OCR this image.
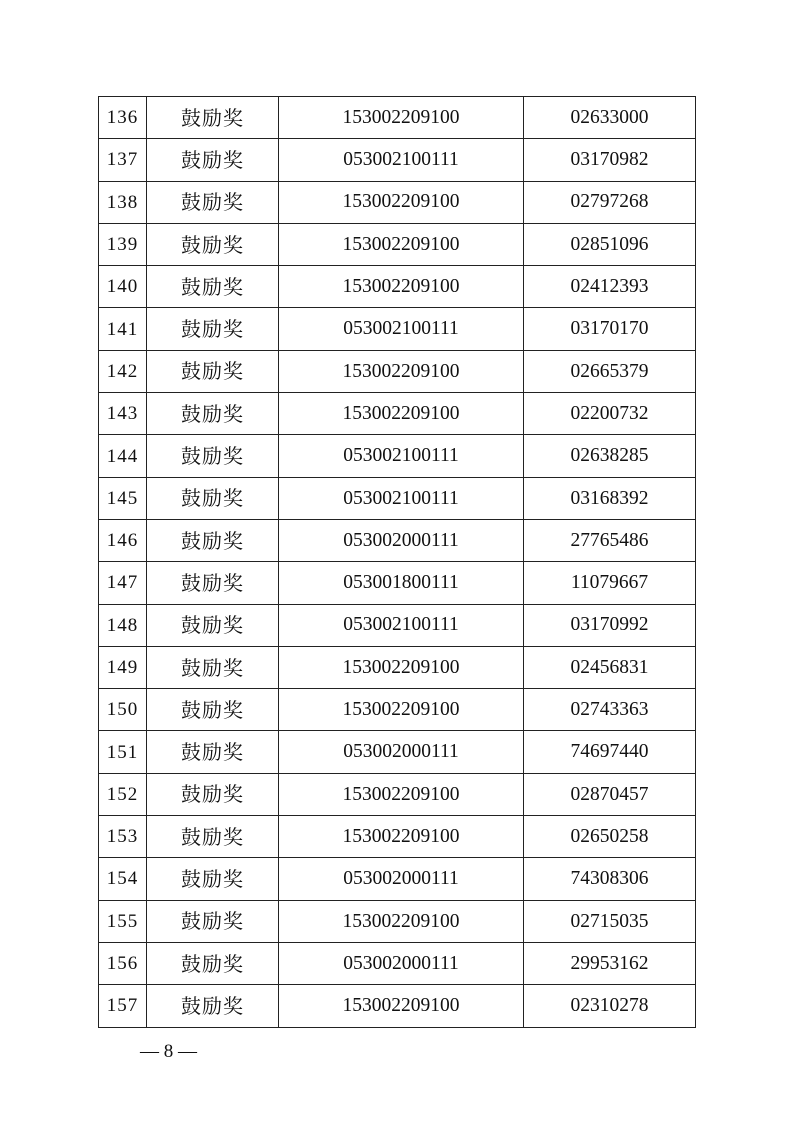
136	鼓励奖	153002209100	02633000
137	鼓励奖	053002100111	03170982
138	鼓励奖	153002209100	02797268
139	鼓励奖	153002209100	02851096
140	鼓励奖	153002209100	02412393
141	鼓励奖	053002100111	03170170
142	鼓励奖	153002209100	02665379
143	鼓励奖	153002209100	02200732
144	鼓励奖	053002100111	02638285
145	鼓励奖	053002100111	03168392
146	鼓励奖	053002000111	27765486
147	鼓励奖	053001800111	11079667
148	鼓励奖	053002100111	03170992
149	鼓励奖	153002209100	02456831
150	鼓励奖	153002209100	02743363
151	鼓励奖	053002000111	74697440
152	鼓励奖	153002209100	02870457
153	鼓励奖	153002209100	02650258
154	鼓励奖	053002000111	74308306
155	鼓励奖	153002209100	02715035
156	鼓励奖	053002000111	29953162
157	鼓励奖	153002209100	02310278
— 8 —
